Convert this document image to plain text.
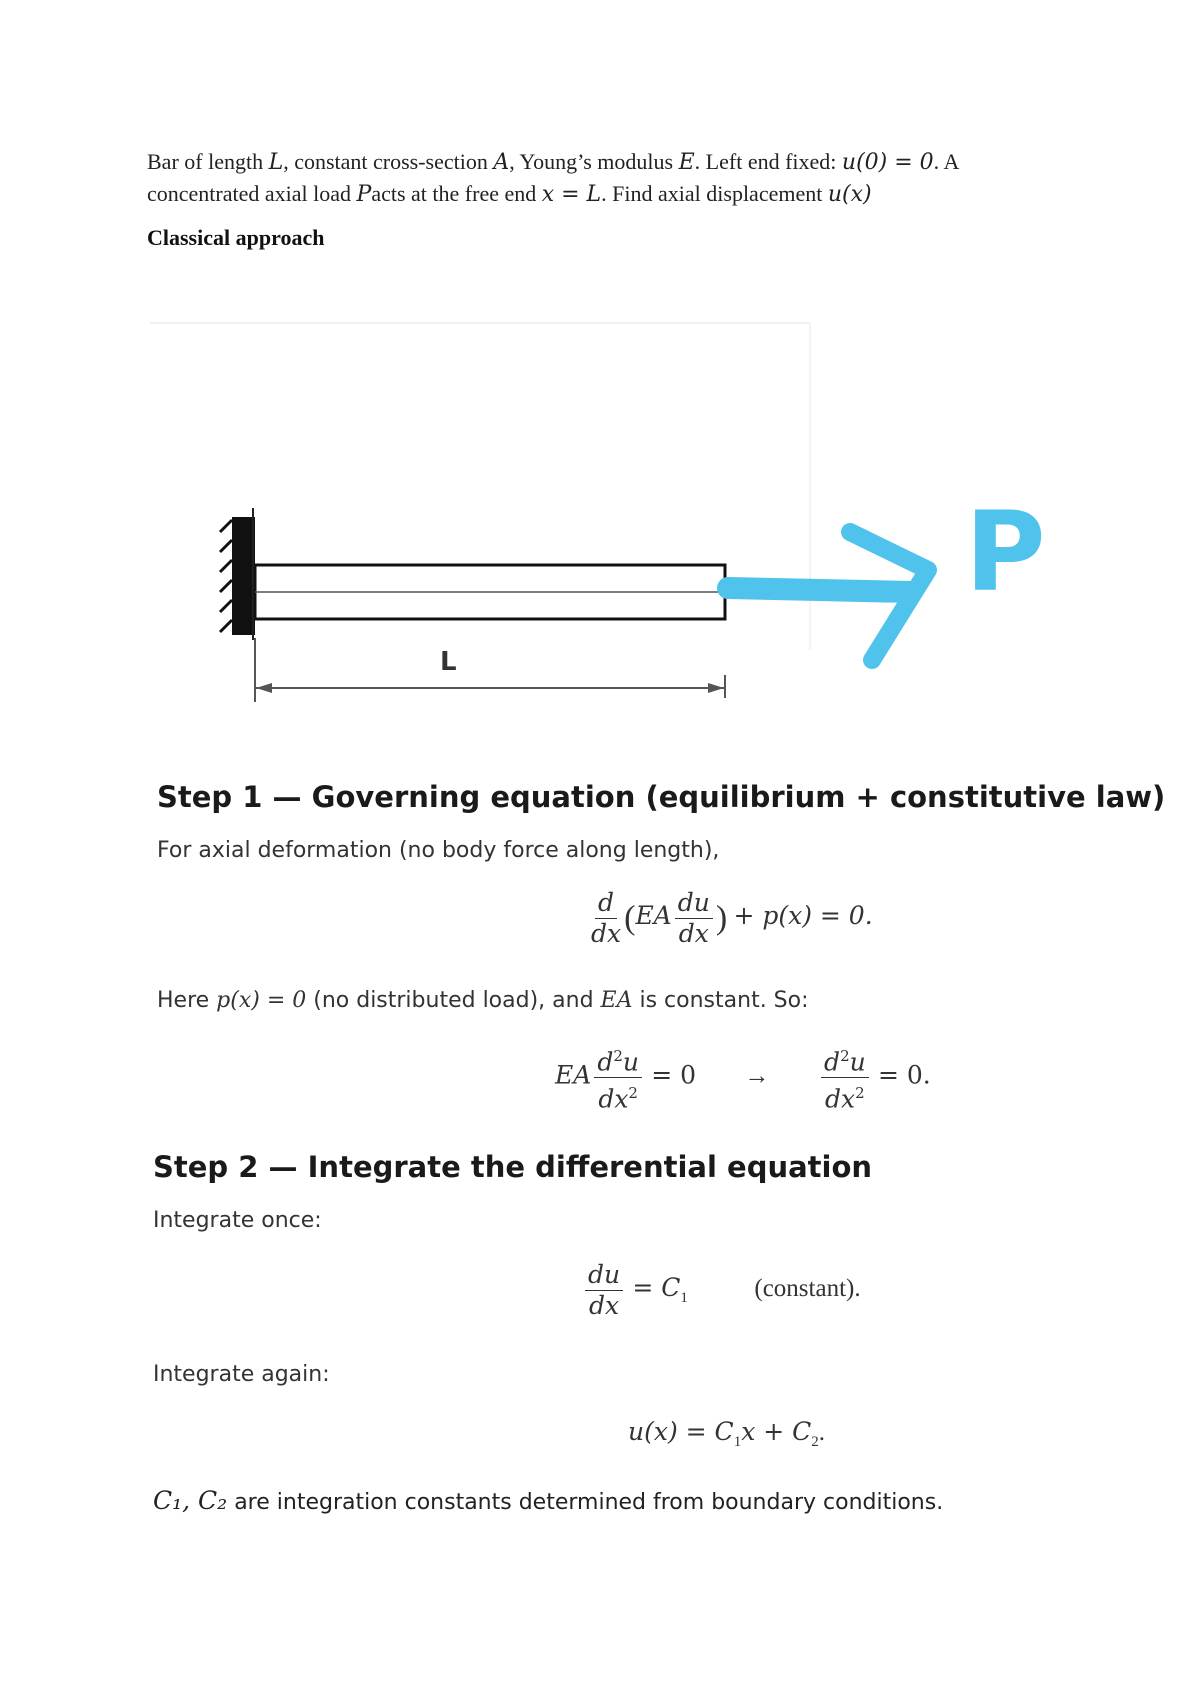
Bar of length L, constant cross-section A, Young’s modulus E. Left end fixed: u(0) = 0. A

concentrated axial load Pacts at the free end x = L. Find axial displacement u(x)

Classical approach
L
P
Step 1 — Governing equation (equilibrium + constitutive law)
For axial deformation (no body force along length),
$\frac{d}{dx} (EA \frac{du}{dx}$ ) + p(x) = 0.
Here p(x) = 0 (no distributed load), and EA is constant. So:
EA $\frac{d^2u}{dx^2} = 0 \to \frac{d^2u}{dx^2} = 0$.
Step 2 — Integrate the differential equation
Integrate once:
$\frac{du}{dx} = C_1$	(constant).
Integrate again:
$u(x) = C_1x + C_2$.
C₁, C₂ are integration constants determined from boundary conditions.
